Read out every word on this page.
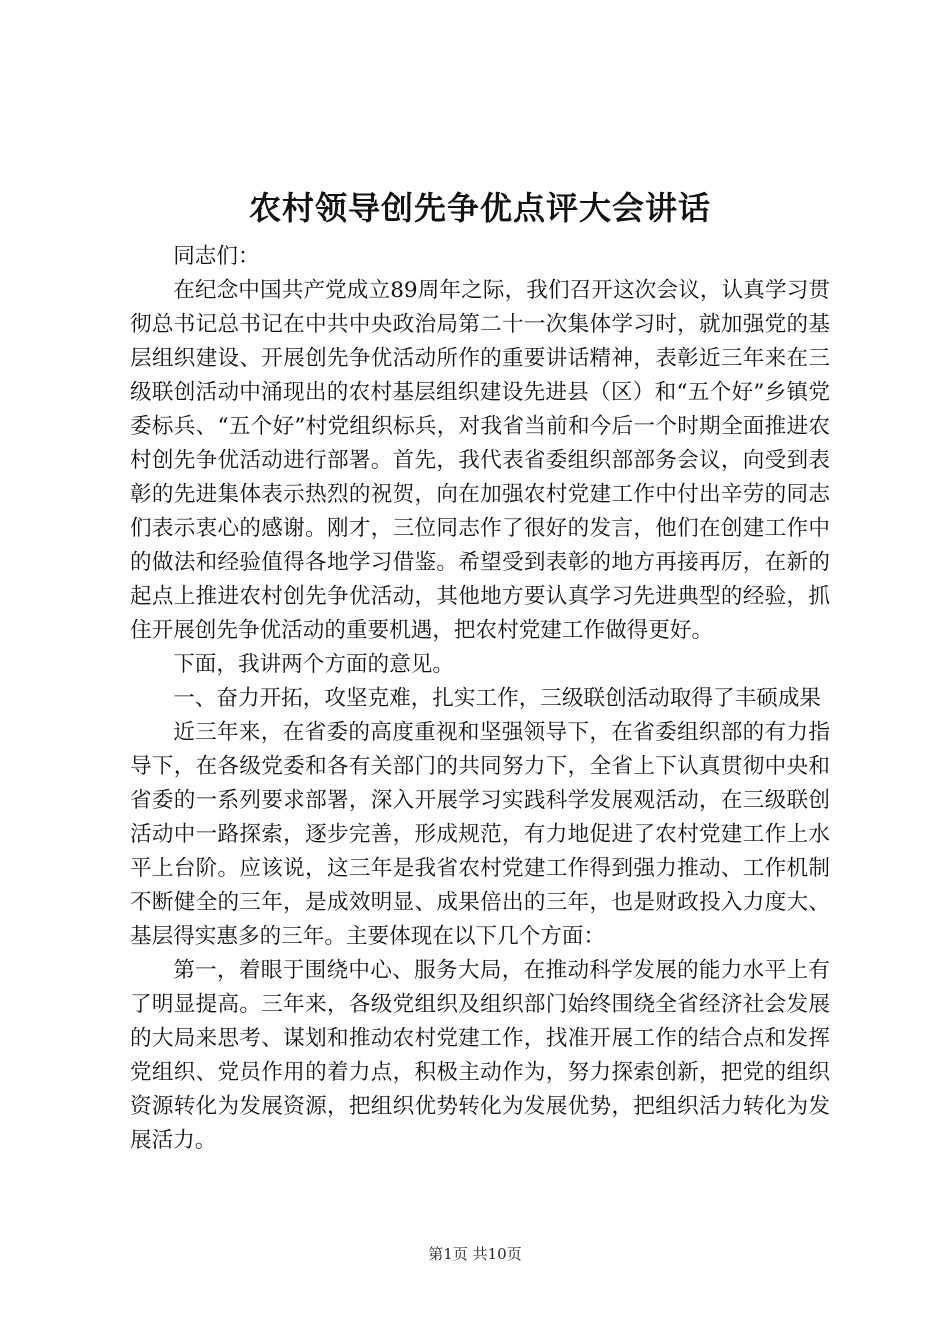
农村领导创先争优点评大会讲话

同志们：

在纪念中国共产党成立89周年之际，我们召开这次会议，认真学习贯彻总书记总书记在中共中央政治局第二十一次集体学习时，就加强党的基层组织建设、开展创先争优活动所作的重要讲话精神，表彰近三年来在三级联创活动中涌现出的农村基层组织建设先进县（区）和“五个好”乡镇党委标兵、“五个好”村党组织标兵，对我省当前和今后一个时期全面推进农村创先争优活动进行部署。首先，我代表省委组织部部务会议，向受到表彰的先进集体表示热烈的祝贺，向在加强农村党建工作中付出辛劳的同志们表示衷心的感谢。刚才，三位同志作了很好的发言，他们在创建工作中的做法和经验值得各地学习借鉴。希望受到表彰的地方再接再厉，在新的起点上推进农村创先争优活动，其他地方要认真学习先进典型的经验，抓住开展创先争优活动的重要机遇，把农村党建工作做得更好。

下面，我讲两个方面的意见。

一、奋力开拓，攻坚克难，扎实工作，三级联创活动取得了丰硕成果

近三年来，在省委的高度重视和坚强领导下，在省委组织部的有力指导下，在各级党委和各有关部门的共同努力下，全省上下认真贯彻中央和省委的一系列要求部署，深入开展学习实践科学发展观活动，在三级联创活动中一路探索，逐步完善，形成规范，有力地促进了农村党建工作上水平上台阶。应该说，这三年是我省农村党建工作得到强力推动、工作机制不断健全的三年，是成效明显、成果倍出的三年，也是财政投入力度大、基层得实惠多的三年。主要体现在以下几个方面：

第一，着眼于围绕中心、服务大局，在推动科学发展的能力水平上有了明显提高。三年来，各级党组织及组织部门始终围绕全省经济社会发展的大局来思考、谋划和推动农村党建工作，找准开展工作的结合点和发挥党组织、党员作用的着力点，积极主动作为，努力探索创新，把党的组织资源转化为发展资源，把组织优势转化为发展优势，把组织活力转化为发展活力。

第1页 共10页
